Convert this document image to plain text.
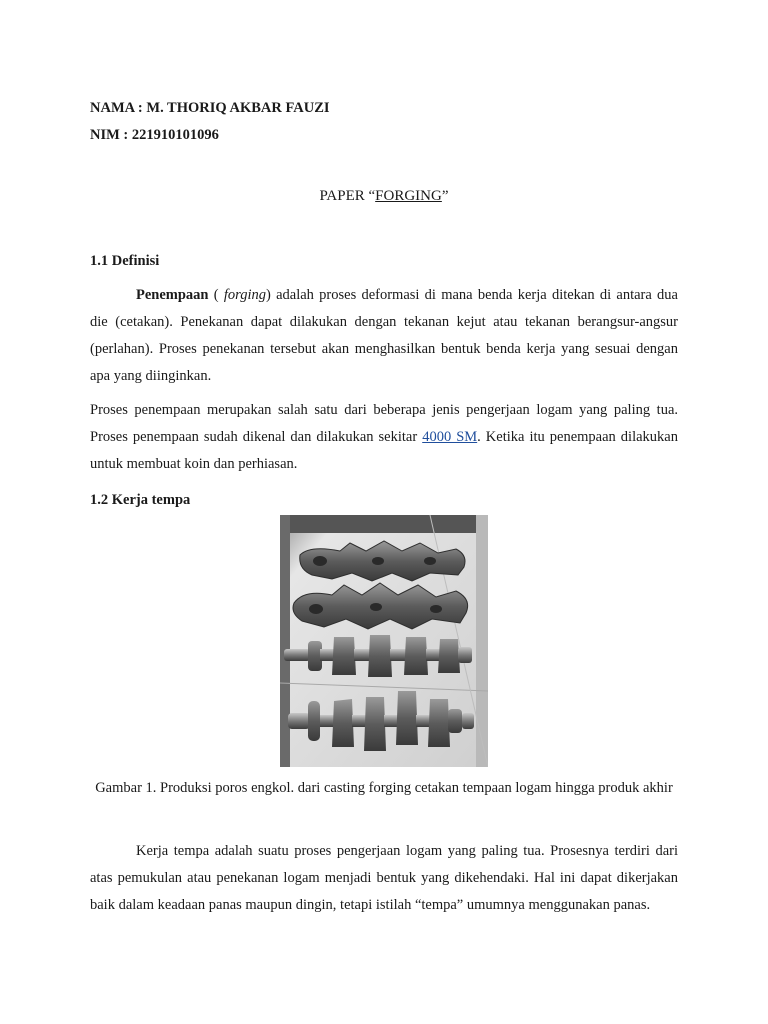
NAMA : M. THORIQ AKBAR FAUZI
NIM : 221910101096
PAPER “FORGING”
1.1 Definisi
Penempaan ( forging) adalah proses deformasi di mana benda kerja ditekan di antara dua die (cetakan). Penekanan dapat dilakukan dengan tekanan kejut atau tekanan berangsur-angsur (perlahan). Proses penekanan tersebut akan menghasilkan bentuk benda kerja yang sesuai dengan apa yang diinginkan.
Proses penempaan merupakan salah satu dari beberapa jenis pengerjaan logam yang paling tua. Proses penempaan sudah dikenal dan dilakukan sekitar 4000 SM. Ketika itu penempaan dilakukan untuk membuat koin dan perhiasan.
1.2 Kerja tempa
Gambar 1. Produksi poros engkol. dari casting forging cetakan tempaan logam hingga produk akhir
Kerja tempa adalah suatu proses pengerjaan logam yang paling tua. Prosesnya terdiri dari atas pemukulan atau penekanan logam menjadi bentuk yang dikehendaki. Hal ini dapat dikerjakan baik dalam keadaan panas maupun dingin, tetapi istilah “tempa” umumnya menggunakan panas.
